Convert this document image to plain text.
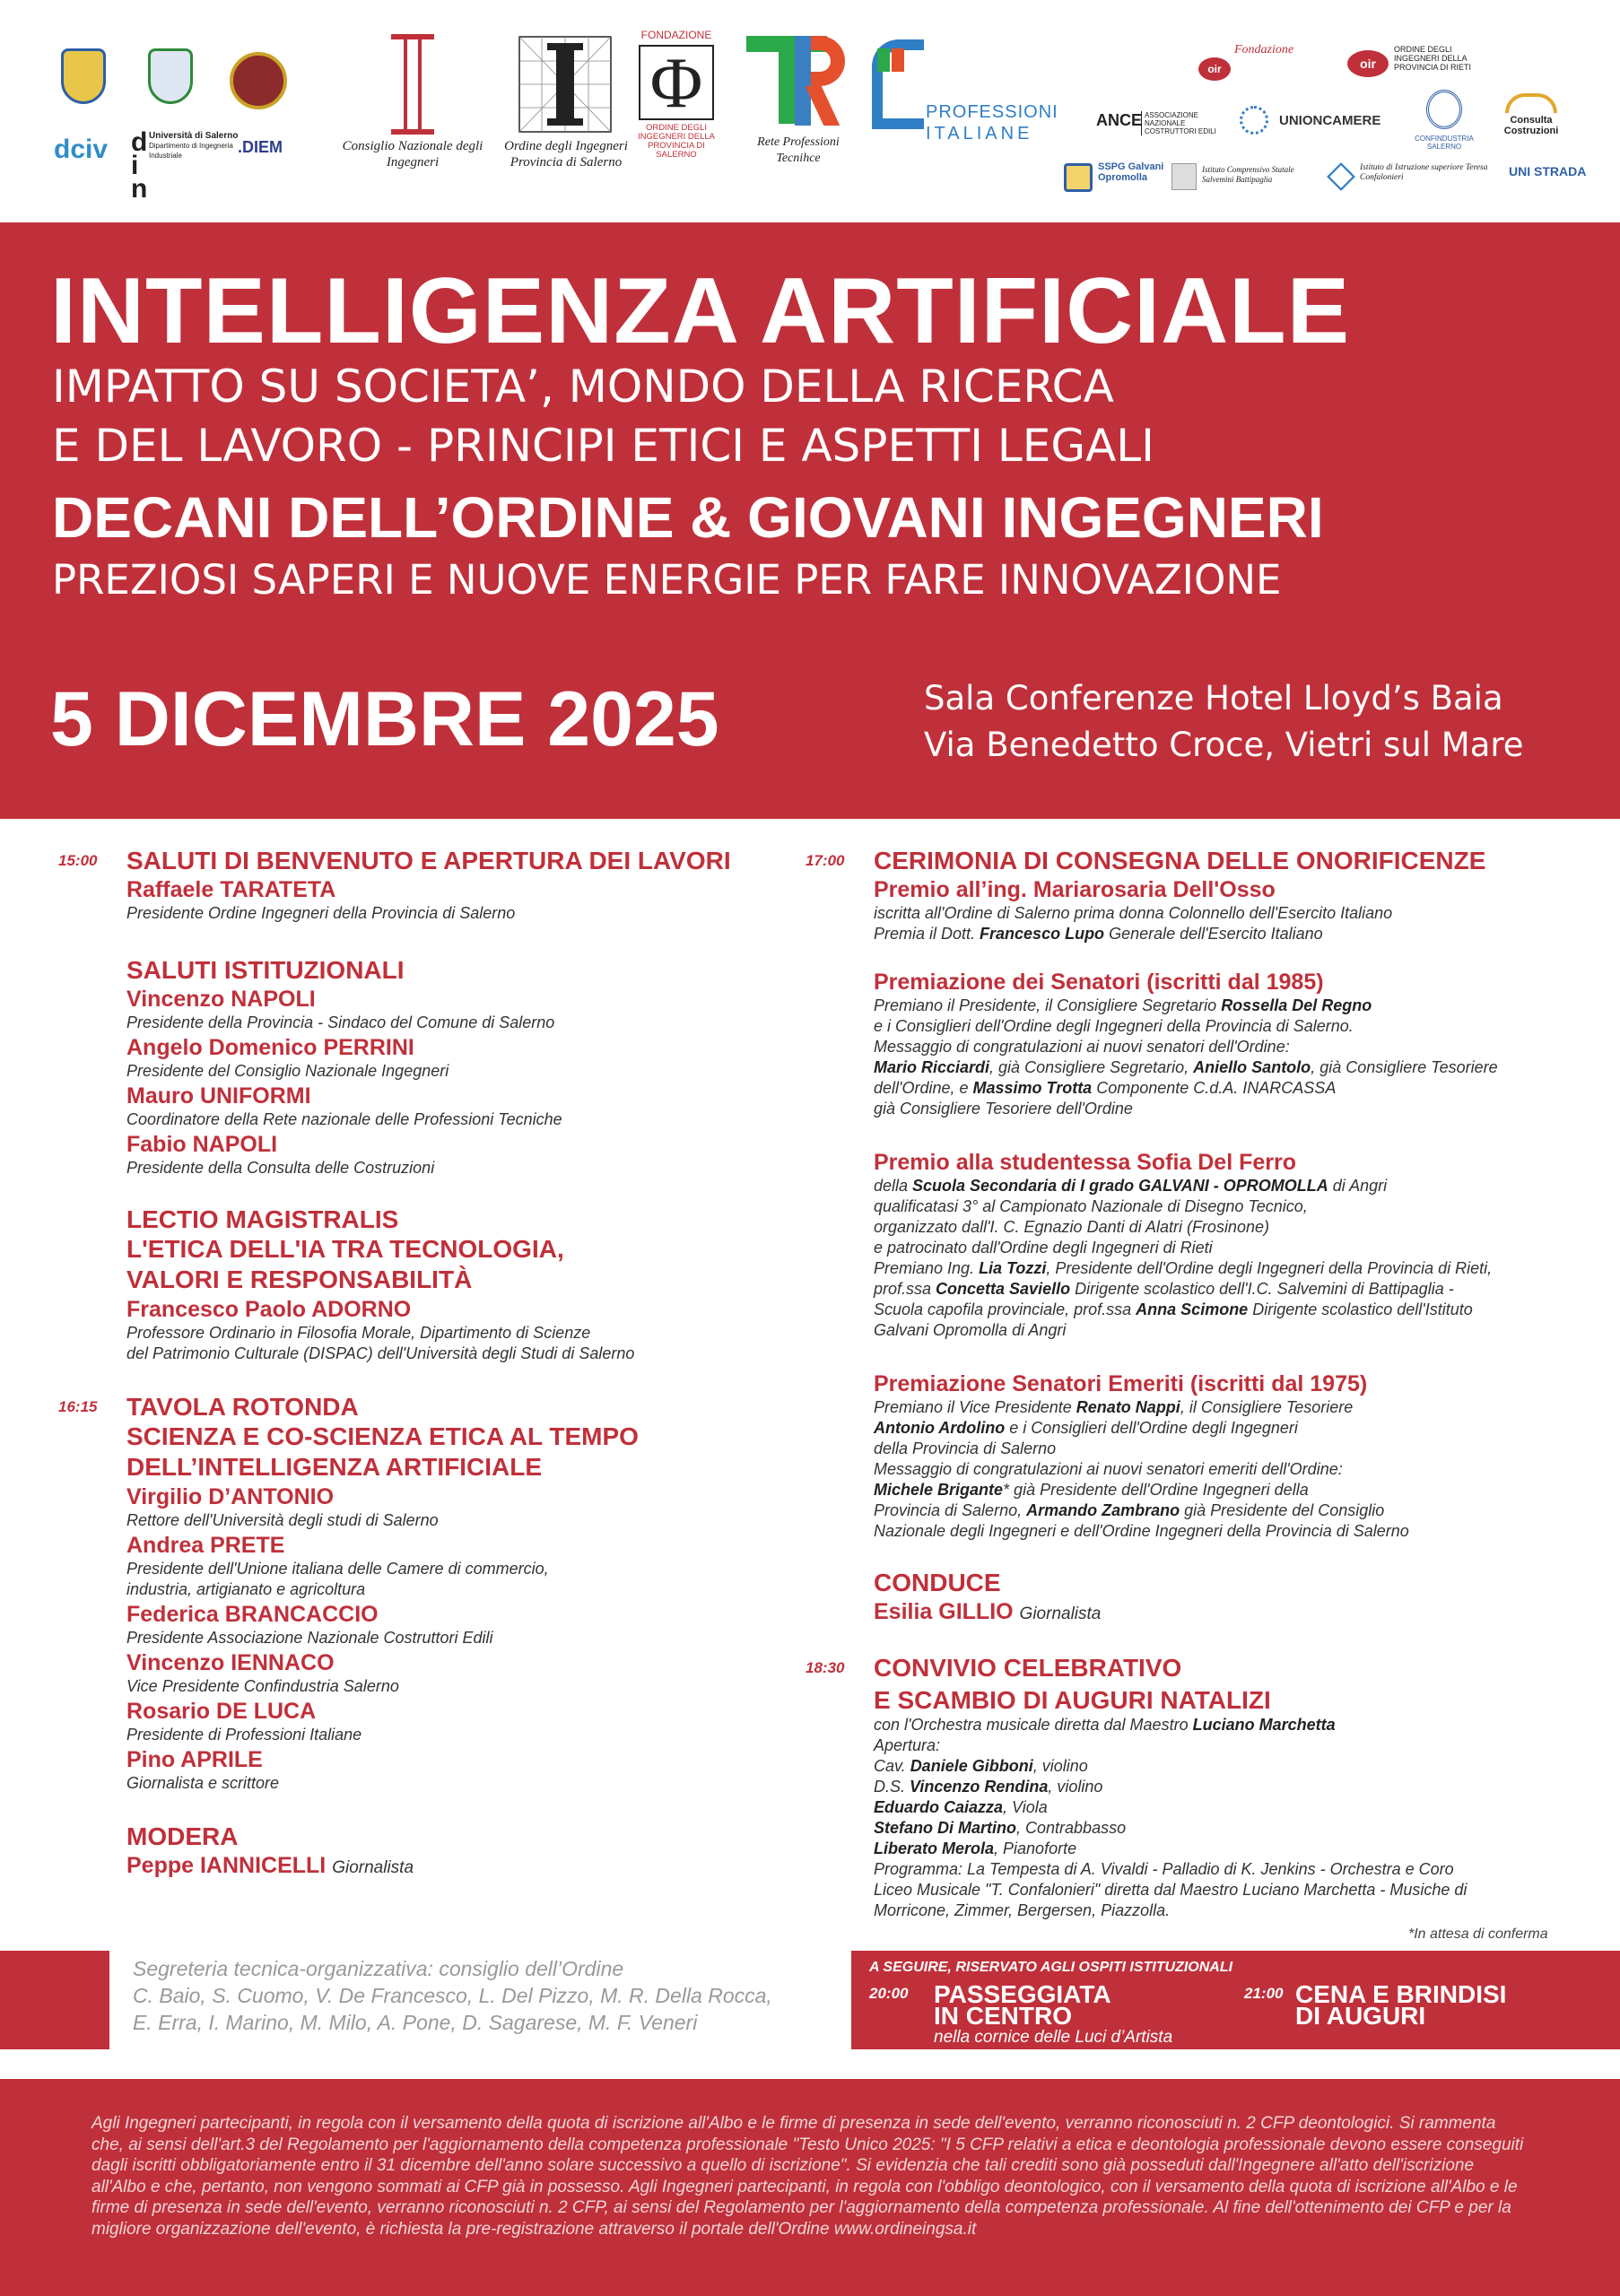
dciv	Università di Salerno
Dipartimento di Ingegneria Industriale
din
.DIEM	Consiglio Nazionale degli Ingegneri
Ordine degli Ingegneri Provincia di Salerno
FONDAZIONE
Φ
ORDINE DEGLI INGEGNERI DELLA PROVINCIA DI SALERNO
Rete Professioni Tecnihce
PROFESSIONI
ITALIANE
oir
Fondazione
oir
ORDINE DEGLI INGEGNERI DELLA PROVINCIA DI RIETI
ANCE ASSOCIAZIONE NAZIONALE COSTRUTTORI EDILI
UNIONCAMERE
CONFINDUSTRIA SALERNO
Consulta Costruzioni
SSPG Galvani Opromolla
Istituto Comprensivo Statale Salvemini Battipaglia
Istituto di Istruzione superiore Teresa Confalonieri	UNI STRADA
INTELLIGENZA ARTIFICIALE
IMPATTO SU SOCIETA’, MONDO DELLA RICERCA
E DEL LAVORO - PRINCIPI ETICI E ASPETTI LEGALI
DECANI DELL’ORDINE & GIOVANI INGEGNERI
PREZIOSI SAPERI E NUOVE ENERGIE PER FARE INNOVAZIONE
5 DICEMBRE 2025	Sala Conferenze Hotel Lloyd’s Baia
Via Benedetto Croce, Vietri sul Mare
15:00 SALUTI DI BENVENUTO E APERTURA DEI LAVORI
Raffaele TARATETA
Presidente Ordine Ingegneri della Provincia di Salerno
SALUTI ISTITUZIONALI
Vincenzo NAPOLI
Presidente della Provincia - Sindaco del Comune di Salerno
Angelo Domenico PERRINI
Presidente del Consiglio Nazionale Ingegneri
Mauro UNIFORMI
Coordinatore della Rete nazionale delle Professioni Tecniche
Fabio NAPOLI
Presidente della Consulta delle Costruzioni
LECTIO MAGISTRALIS
L'ETICA DELL'IA TRA TECNOLOGIA,
VALORI E RESPONSABILITÀ
Francesco Paolo ADORNO
Professore Ordinario in Filosofia Morale, Dipartimento di Scienze
del Patrimonio Culturale (DISPAC) dell'Università degli Studi di Salerno
16:15 TAVOLA ROTONDA
SCIENZA E CO-SCIENZA ETICA AL TEMPO
DELL’INTELLIGENZA ARTIFICIALE
Virgilio D’ANTONIO
Rettore dell'Università degli studi di Salerno
Andrea PRETE
Presidente dell'Unione italiana delle Camere di commercio,
industria, artigianato e agricoltura
Federica BRANCACCIO
Presidente Associazione Nazionale Costruttori Edili
Vincenzo IENNACO
Vice Presidente Confindustria Salerno
Rosario DE LUCA
Presidente di Professioni Italiane
Pino APRILE
Giornalista e scrittore
MODERA
Peppe IANNICELLI Giornalista
17:00 CERIMONIA DI CONSEGNA DELLE ONORIFICENZE
Premio all’ing. Mariarosaria Dell'Osso
iscritta all'Ordine di Salerno prima donna Colonnello dell'Esercito Italiano
Premia il Dott. Francesco Lupo Generale dell'Esercito Italiano
Premiazione dei Senatori (iscritti dal 1985)
Premiano il Presidente, il Consigliere Segretario Rossella Del Regno
e i Consiglieri dell'Ordine degli Ingegneri della Provincia di Salerno.
Messaggio di congratulazioni ai nuovi senatori dell'Ordine:
Mario Ricciardi, già Consigliere Segretario, Aniello Santolo, già Consigliere Tesoriere
dell'Ordine, e Massimo Trotta Componente C.d.A. INARCASSA
già Consigliere Tesoriere dell'Ordine
Premio alla studentessa Sofia Del Ferro
della Scuola Secondaria di I grado GALVANI - OPROMOLLA di Angri
qualificatasi 3° al Campionato Nazionale di Disegno Tecnico,
organizzato dall'I. C. Egnazio Danti di Alatri (Frosinone)
e patrocinato dall'Ordine degli Ingegneri di Rieti
Premiano Ing. Lia Tozzi, Presidente dell'Ordine degli Ingegneri della Provincia di Rieti,
prof.ssa Concetta Saviello Dirigente scolastico dell'I.C. Salvemini di Battipaglia -
Scuola capofila provinciale, prof.ssa Anna Scimone Dirigente scolastico dell'Istituto
Galvani Opromolla di Angri
Premiazione Senatori Emeriti (iscritti dal 1975)
Premiano il Vice Presidente Renato Nappi, il Consigliere Tesoriere
Antonio Ardolino e i Consiglieri dell'Ordine degli Ingegneri
della Provincia di Salerno
Messaggio di congratulazioni ai nuovi senatori emeriti dell'Ordine:
Michele Brigante* già Presidente dell'Ordine Ingegneri della
Provincia di Salerno, Armando Zambrano già Presidente del Consiglio
Nazionale degli Ingegneri e dell'Ordine Ingegneri della Provincia di Salerno
CONDUCE
Esilia GILLIO Giornalista
18:30 CONVIVIO CELEBRATIVO
E SCAMBIO DI AUGURI NATALIZI
con l'Orchestra musicale diretta dal Maestro Luciano Marchetta
Apertura:
Cav. Daniele Gibboni, violino
D.S. Vincenzo Rendina, violino
Eduardo Caiazza, Viola
Stefano Di Martino, Contrabbasso
Liberato Merola, Pianoforte
Programma: La Tempesta di A. Vivaldi - Palladio di K. Jenkins - Orchestra e Coro
Liceo Musicale "T. Confalonieri" diretta dal Maestro Luciano Marchetta - Musiche di
Morricone, Zimmer, Bergersen, Piazzolla.
*In attesa di conferma
Segreteria tecnica-organizzativa: consiglio dell’Ordine
C. Baio, S. Cuomo, V. De Francesco, L. Del Pizzo, M. R. Della Rocca,
E. Erra, I. Marino, M. Milo, A. Pone, D. Sagarese, M. F. Veneri
A SEGUIRE, RISERVATO AGLI OSPITI ISTITUZIONALI
20:00 PASSEGGIATA
IN CENTRO
nella cornice delle Luci d’Artista
21:00 CENA E BRINDISI
DI AUGURI

Agli Ingegneri partecipanti, in regola con il versamento della quota di iscrizione all'Albo e le firme di presenza in sede dell'evento, verranno riconosciuti n. 2 CFP deontologici. Si rammenta che, ai sensi dell'art.3 del Regolamento per l'aggiornamento della competenza professionale "Testo Unico 2025: "I 5 CFP relativi a etica e deontologia professionale devono essere conseguiti dagli iscritti obbligatoriamente entro il 31 dicembre dell'anno solare successivo a quello di iscrizione". Si evidenzia che tali crediti sono già posseduti dall'Ingegnere all'atto dell'iscrizione all'Albo e che, pertanto, non vengono sommati ai CFP già in possesso. Agli Ingegneri partecipanti, in regola con l'obbligo deontologico, con il versamento della quota di iscrizione all'Albo e le firme di presenza in sede dell'evento, verranno riconosciuti n. 2 CFP, ai sensi del Regolamento per l'aggiornamento della competenza professionale. Al fine dell'ottenimento dei CFP e per la migliore organizzazione dell'evento, è richiesta la pre-registrazione attraverso il portale dell'Ordine www.ordineingsa.it
